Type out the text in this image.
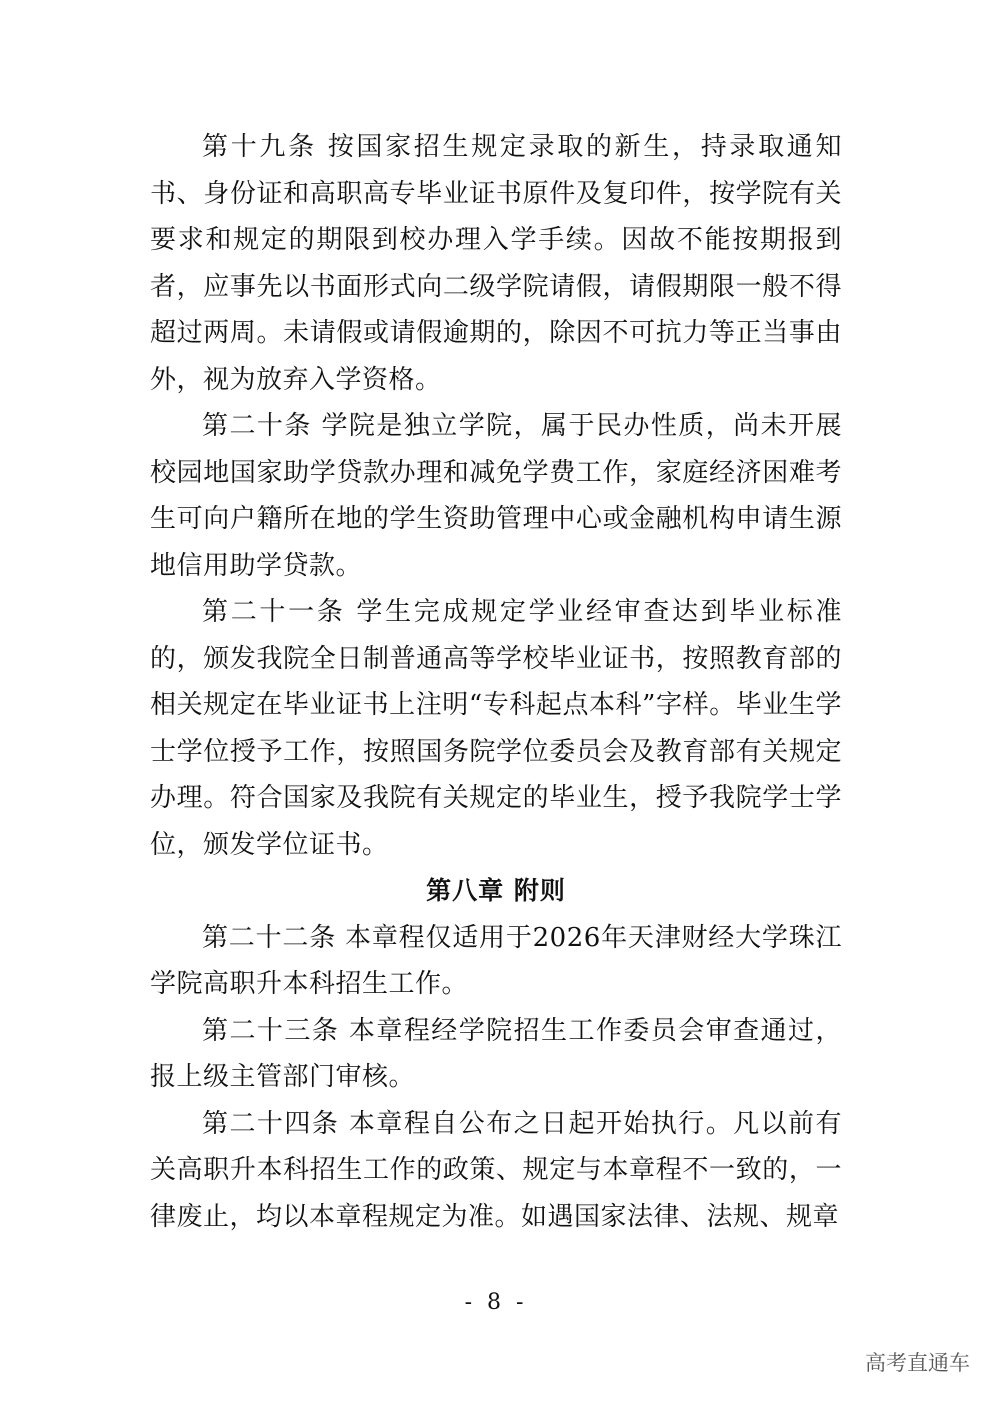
第十九条 按国家招生规定录取的新生，持录取通知书、身份证和高职高专毕业证书原件及复印件，按学院有关要求和规定的期限到校办理入学手续。因故不能按期报到者，应事先以书面形式向二级学院请假，请假期限一般不得超过两周。未请假或请假逾期的，除因不可抗力等正当事由外，视为放弃入学资格。

第二十条 学院是独立学院，属于民办性质，尚未开展校园地国家助学贷款办理和减免学费工作，家庭经济困难考生可向户籍所在地的学生资助管理中心或金融机构申请生源地信用助学贷款。

第二十一条 学生完成规定学业经审查达到毕业标准的，颁发我院全日制普通高等学校毕业证书，按照教育部的相关规定在毕业证书上注明“专科起点本科”字样。毕业生学士学位授予工作，按照国务院学位委员会及教育部有关规定办理。符合国家及我院有关规定的毕业生，授予我院学士学位，颁发学位证书。

第八章 附则

第二十二条 本章程仅适用于2026年天津财经大学珠江学院高职升本科招生工作。

第二十三条 本章程经学院招生工作委员会审查通过，报上级主管部门审核。

第二十四条 本章程自公布之日起开始执行。凡以前有关高职升本科招生工作的政策、规定与本章程不一致的，一律废止，均以本章程规定为准。如遇国家法律、法规、规章

- 8 -
高考直通车
